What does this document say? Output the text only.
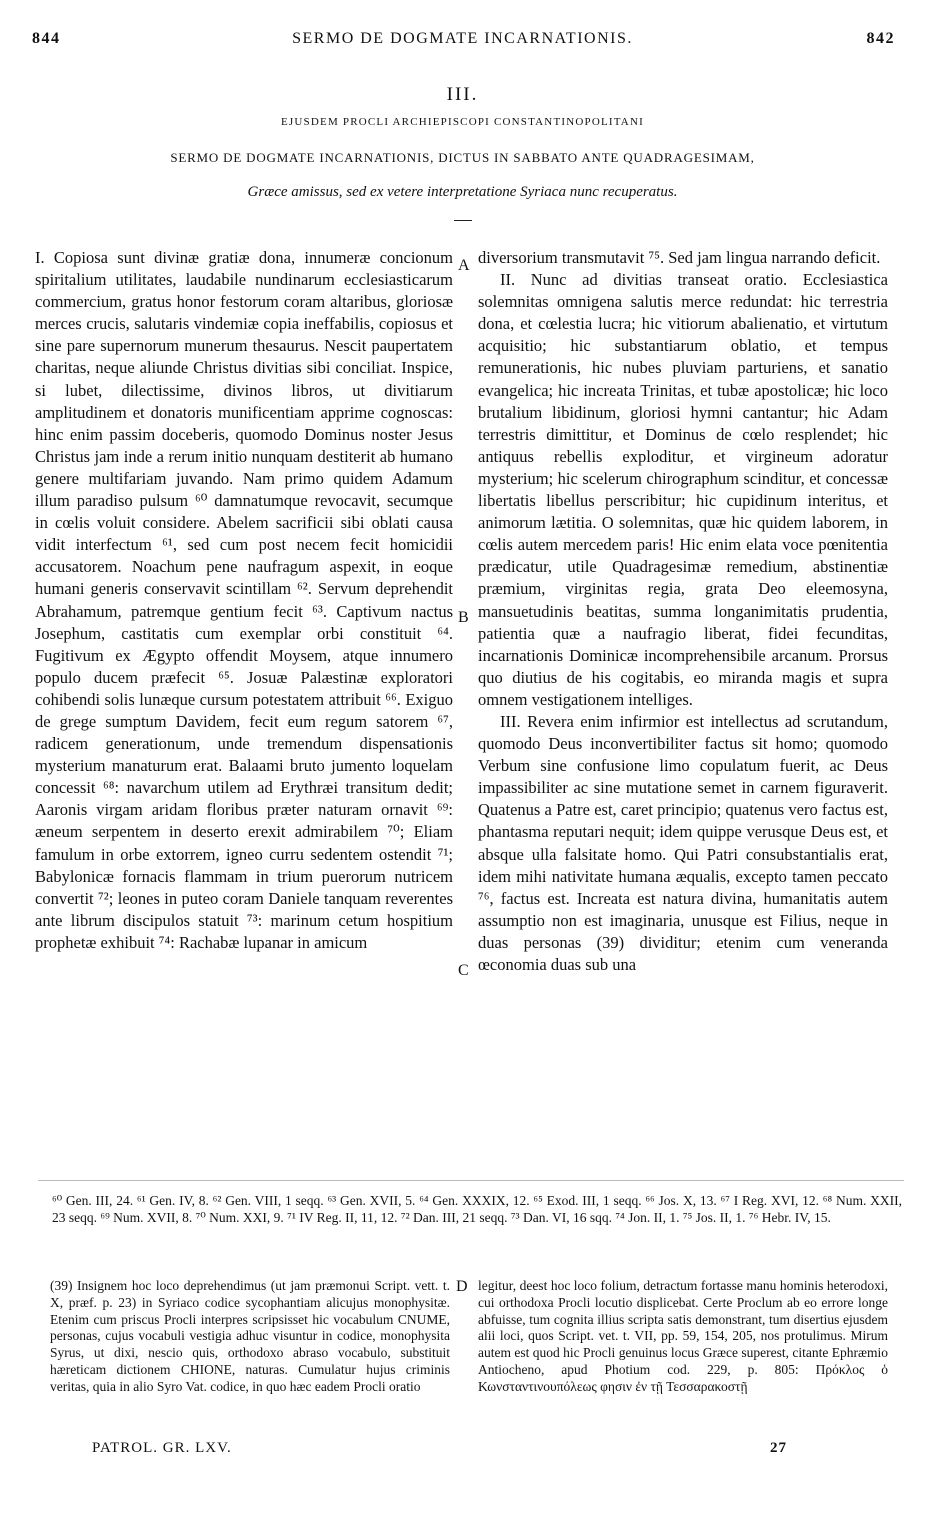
844	SERMO DE DOGMATE INCARNATIONIS.	842
III.
EJUSDEM PROCLI ARCHIEPISCOPI CONSTANTINOPOLITANI
SERMO DE DOGMATE INCARNATIONIS, DICTUS IN SABBATO ANTE QUADRAGESIMAM,
Græce amissus, sed ex vetere interpretatione Syriaca nunc recuperatus.

I. Copiosa sunt divinæ gratiæ dona, innumeræ concionum spiritalium utilitates, laudabile nundinarum ecclesiasticarum commercium, gratus honor festorum coram altaribus, gloriosæ merces crucis, salutaris vindemiæ copia ineffabilis, copiosus et sine pare supernorum munerum thesaurus. Nescit paupertatem charitas, neque aliunde Christus divitias sibi conciliat. Inspice, si lubet, dilectissime, divinos libros, ut divitiarum amplitudinem et donatoris munificentiam apprime cognoscas: hinc enim passim doceberis, quomodo Dominus noster Jesus Christus jam inde a rerum initio nunquam destiterit ab humano genere multifariam juvando. Nam primo quidem Adamum illum paradiso pulsum ⁶⁰ damnatumque revocavit, secumque in cœlis voluit considere. Abelem sacrificii sibi oblati causa vidit interfectum ⁶¹, sed cum post necem fecit homicidii accusatorem. Noachum pene naufragum aspexit, in eoque humani generis conservavit scintillam ⁶². Servum deprehendit Abrahamum, patremque gentium fecit ⁶³. Captivum nactus Josephum, castitatis cum exemplar orbi constituit ⁶⁴. Fugitivum ex Ægypto offendit Moysem, atque innumero populo ducem præfecit ⁶⁵. Josuæ Palæstinæ exploratori cohibendi solis lunæque cursum potestatem attribuit ⁶⁶. Exiguo de grege sumptum Davidem, fecit eum regum satorem ⁶⁷, radicem generationum, unde tremendum dispensationis mysterium manaturum erat. Balaami bruto jumento loquelam concessit ⁶⁸: navarchum utilem ad Erythræi transitum dedit; Aaronis virgam aridam floribus præter naturam ornavit ⁶⁹: æneum serpentem in deserto erexit admirabilem ⁷⁰; Eliam famulum in orbe extorrem, igneo curru sedentem ostendit ⁷¹; Babylonicæ fornacis flammam in trium puerorum nutricem convertit ⁷²; leones in puteo coram Daniele tanquam reverentes ante librum discipulos statuit ⁷³: marinum cetum hospitium prophetæ exhibuit ⁷⁴: Rachabæ lupanar in amicum

diversorium transmutavit ⁷⁵. Sed jam lingua narrando deficit.

II. Nunc ad divitias transeat oratio. Ecclesiastica solemnitas omnigena salutis merce redundat: hic terrestria dona, et cœlestia lucra; hic vitiorum abalienatio, et virtutum acquisitio; hic substantiarum oblatio, et tempus remunerationis, hic nubes pluviam parturiens, et sanatio evangelica; hic increata Trinitas, et tubæ apostolicæ; hic loco brutalium libidinum, gloriosi hymni cantantur; hic Adam terrestris dimittitur, et Dominus de cœlo resplendet; hic antiquus rebellis exploditur, et virgineum adoratur mysterium; hic scelerum chirographum scinditur, et concessæ libertatis libellus perscribitur; hic cupidinum interitus, et animorum lætitia. O solemnitas, quæ hic quidem laborem, in cœlis autem mercedem paris! Hic enim elata voce pœnitentia prædicatur, utile Quadragesimæ remedium, abstinentiæ præmium, virginitas regia, grata Deo eleemosyna, mansuetudinis beatitas, summa longanimitatis prudentia, patientia quæ a naufragio liberat, fidei fecunditas, incarnationis Dominicæ incomprehensibile arcanum. Prorsus quo diutius de his cogitabis, eo miranda magis et supra omnem vestigationem intelliges.

III. Revera enim infirmior est intellectus ad scrutandum, quomodo Deus inconvertibiliter factus sit homo; quomodo Verbum sine confusione limo copulatum fuerit, ac Deus impassibiliter ac sine mutatione semet in carnem figuraverit. Quatenus a Patre est, caret principio; quatenus vero factus est, phantasma reputari nequit; idem quippe verusque Deus est, et absque ulla falsitate homo. Qui Patri consubstantialis erat, idem mihi nativitate humana æqualis, excepto tamen peccato ⁷⁶, factus est. Increata est natura divina, humanitatis autem assumptio non est imaginaria, unusque est Filius, neque in duas personas (39) dividitur; etenim cum veneranda œconomia duas sub una

A
B
C
D
⁶⁰ Gen. III, 24. ⁶¹ Gen. IV, 8. ⁶² Gen. VIII, 1 seqq. ⁶³ Gen. XVII, 5. ⁶⁴ Gen. XXXIX, 12. ⁶⁵ Exod. III, 1 seqq. ⁶⁶ Jos. X, 13. ⁶⁷ I Reg. XVI, 12. ⁶⁸ Num. XXII, 23 seqq. ⁶⁹ Num. XVII, 8. ⁷⁰ Num. XXI, 9. ⁷¹ IV Reg. II, 11, 12. ⁷² Dan. III, 21 seqq. ⁷³ Dan. VI, 16 sqq. ⁷⁴ Jon. II, 1. ⁷⁵ Jos. II, 1. ⁷⁶ Hebr. IV, 15.

(39) Insignem hoc loco deprehendimus (ut jam præmonui Script. vett. t. X, præf. p. 23) in Syriaco codice sycophantiam alicujus monophysitæ. Etenim cum priscus Procli interpres scripsisset hic vocabulum CNUME, personas, cujus vocabuli vestigia adhuc visuntur in codice, monophysita Syrus, ut dixi, nescio quis, orthodoxo abraso vocabulo, substituit hæreticam dictionem CHIONE, naturas. Cumulatur hujus criminis veritas, quia in alio Syro Vat. codice, in quo hæc eadem Procli oratio

legitur, deest hoc loco folium, detractum fortasse manu hominis heterodoxi, cui orthodoxa Procli locutio displicebat. Certe Proclum ab eo errore longe abfuisse, tum cognita illius scripta satis demonstrant, tum disertius ejusdem alii loci, quos Script. vet. t. VII, pp. 59, 154, 205, nos protulimus. Mirum autem est quod hic Procli genuinus locus Græce superest, citante Ephræmio Antiocheno, apud Photium cod. 229, p. 805: Πρόκλος ὁ Κωνσταντινουπόλεως φησιν ἐν τῇ Τεσσαρακοστῇ

PATROL. GR. LXV.	27
